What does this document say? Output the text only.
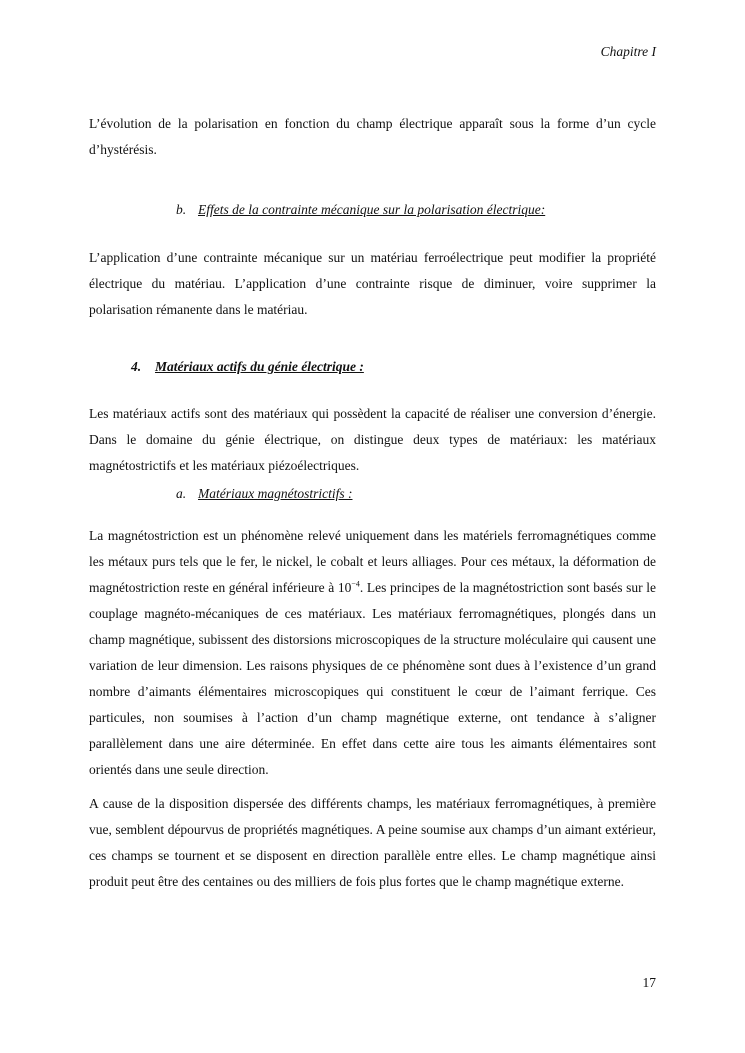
Chapitre I

L’évolution de la polarisation en fonction du champ électrique apparaît sous la forme d’un cycle d’hystérésis.

b. Effets de la contrainte mécanique sur la polarisation électrique:

L’application d’une contrainte mécanique sur un matériau ferroélectrique peut modifier la propriété électrique du matériau. L’application d’une contrainte risque de diminuer, voire supprimer la polarisation rémanente dans le matériau.

4.	Matériaux actifs du génie électrique :

Les matériaux actifs sont des matériaux qui possèdent la capacité de réaliser une conversion d’énergie. Dans le domaine du génie électrique, on distingue deux types de matériaux: les matériaux magnétostrictifs et les matériaux piézoélectriques.

a. Matériaux magnétostrictifs :

La magnétostriction est un phénomène relevé uniquement dans les matériels ferromagnétiques comme les métaux purs tels que le fer, le nickel, le cobalt et leurs alliages. Pour ces métaux, la déformation de magnétostriction reste en général inférieure à $10^{-4}$. Les principes de la magnétostriction sont basés sur le couplage magnéto-mécaniques de ces matériaux. Les matériaux ferromagnétiques, plongés dans un champ magnétique, subissent des distorsions microscopiques de la structure moléculaire qui causent une variation de leur dimension. Les raisons physiques de ce phénomène sont dues à l’existence d’un grand nombre d’aimants élémentaires microscopiques qui constituent le cœur de l’aimant ferrique. Ces particules, non soumises à l’action d’un champ magnétique externe, ont tendance à s’aligner parallèlement dans une aire déterminée. En effet dans cette aire tous les aimants élémentaires sont orientés dans une seule direction.

A cause de la disposition dispersée des différents champs, les matériaux ferromagnétiques, à première vue, semblent dépourvus de propriétés magnétiques. A peine soumise aux champs d’un aimant extérieur, ces champs se tournent et se disposent en direction parallèle entre elles. Le champ magnétique ainsi produit peut être des centaines ou des milliers de fois plus fortes que le champ magnétique externe.

17
